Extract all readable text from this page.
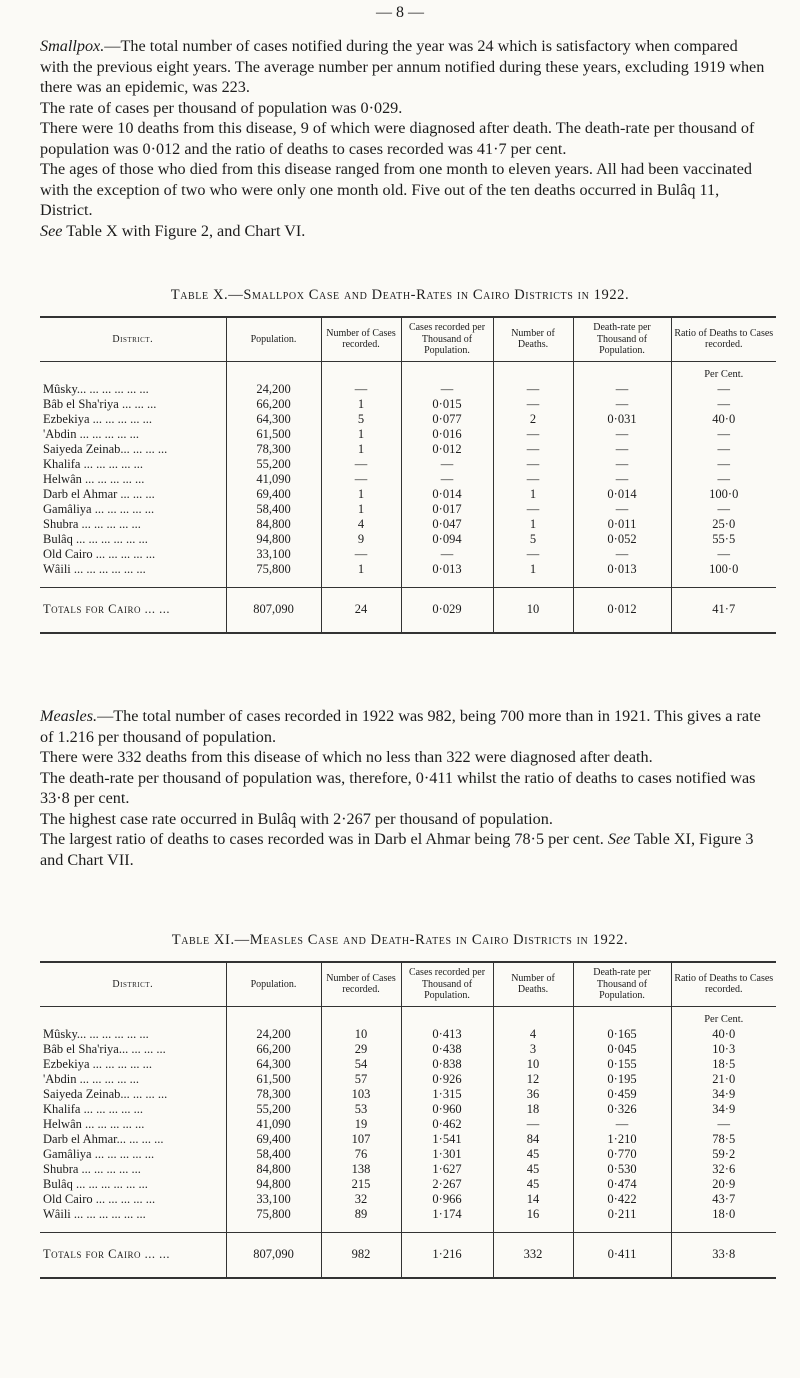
— 8 —

Smallpox.—The total number of cases notified during the year was 24 which is satisfactory when compared with the previous eight years. The average number per annum notified during these years, excluding 1919 when there was an epidemic, was 223.

The rate of cases per thousand of population was 0·029.

There were 10 deaths from this disease, 9 of which were diagnosed after death. The death-rate per thousand of population was 0·012 and the ratio of deaths to cases recorded was 41·7 per cent.

The ages of those who died from this disease ranged from one month to eleven years. All had been vaccinated with the exception of two who were only one month old. Five out of the ten deaths occurred in Bulâq 11, District.

See Table X with Figure 2, and Chart VI.

Table X.—Smallpox Case and Death-Rates in Cairo Districts in 1922.
District.	Population.	Number of Cases recorded.	Cases recorded per Thousand of Population.	Number of Deaths.	Death-rate per Thousand of Population.	Ratio of Deaths to Cases recorded.
						Per Cent.
Mûsky... ... ... ... ... ...	24,200	—	—	—	—	—
Bâb el Sha'riya ... ... ...	66,200	1	0·015	—	—	—
Ezbekiya ... ... ... ... ...	64,300	5	0·077	2	0·031	40·0
'Abdin ... ... ... ... ...	61,500	1	0·016	—	—	—
Saiyeda Zeinab... ... ... ...	78,300	1	0·012	—	—	—
Khalifa ... ... ... ... ...	55,200	—	—	—	—	—
Helwân ... ... ... ... ...	41,090	—	—	—	—	—
Darb el Ahmar ... ... ...	69,400	1	0·014	1	0·014	100·0
Gamâliya ... ... ... ... ...	58,400	1	0·017	—	—	—
Shubra ... ... ... ... ...	84,800	4	0·047	1	0·011	25·0
Bulâq ... ... ... ... ... ...	94,800	9	0·094	5	0·052	55·5
Old Cairo ... ... ... ... ...	33,100	—	—	—	—	—
Wâili ... ... ... ... ... ...	75,800	1	0·013	1	0·013	100·0

Totals for Cairo ... ...	807,090	24	0·029	10	0·012	41·7

Measles.—The total number of cases recorded in 1922 was 982, being 700 more than in 1921. This gives a rate of 1.216 per thousand of population.

There were 332 deaths from this disease of which no less than 322 were diagnosed after death.

The death-rate per thousand of population was, therefore, 0·411 whilst the ratio of deaths to cases notified was 33·8 per cent.

The highest case rate occurred in Bulâq with 2·267 per thousand of population.

The largest ratio of deaths to cases recorded was in Darb el Ahmar being 78·5 per cent. See Table XI, Figure 3 and Chart VII.

Table XI.—Measles Case and Death-Rates in Cairo Districts in 1922.
District.	Population.	Number of Cases recorded.	Cases recorded per Thousand of Population.	Number of Deaths.	Death-rate per Thousand of Population.	Ratio of Deaths to Cases recorded.
						Per Cent.
Mûsky... ... ... ... ... ...	24,200	10	0·413	4	0·165	40·0
Bâb el Sha'riya... ... ... ...	66,200	29	0·438	3	0·045	10·3
Ezbekiya ... ... ... ... ...	64,300	54	0·838	10	0·155	18·5
'Abdin ... ... ... ... ...	61,500	57	0·926	12	0·195	21·0
Saiyeda Zeinab... ... ... ...	78,300	103	1·315	36	0·459	34·9
Khalifa ... ... ... ... ...	55,200	53	0·960	18	0·326	34·9
Helwân ... ... ... ... ...	41,090	19	0·462	—	—	—
Darb el Ahmar... ... ... ...	69,400	107	1·541	84	1·210	78·5
Gamâliya ... ... ... ... ...	58,400	76	1·301	45	0·770	59·2
Shubra ... ... ... ... ...	84,800	138	1·627	45	0·530	32·6
Bulâq ... ... ... ... ... ...	94,800	215	2·267	45	0·474	20·9
Old Cairo ... ... ... ... ...	33,100	32	0·966	14	0·422	43·7
Wâili ... ... ... ... ... ...	75,800	89	1·174	16	0·211	18·0

Totals for Cairo ... ...	807,090	982	1·216	332	0·411	33·8
